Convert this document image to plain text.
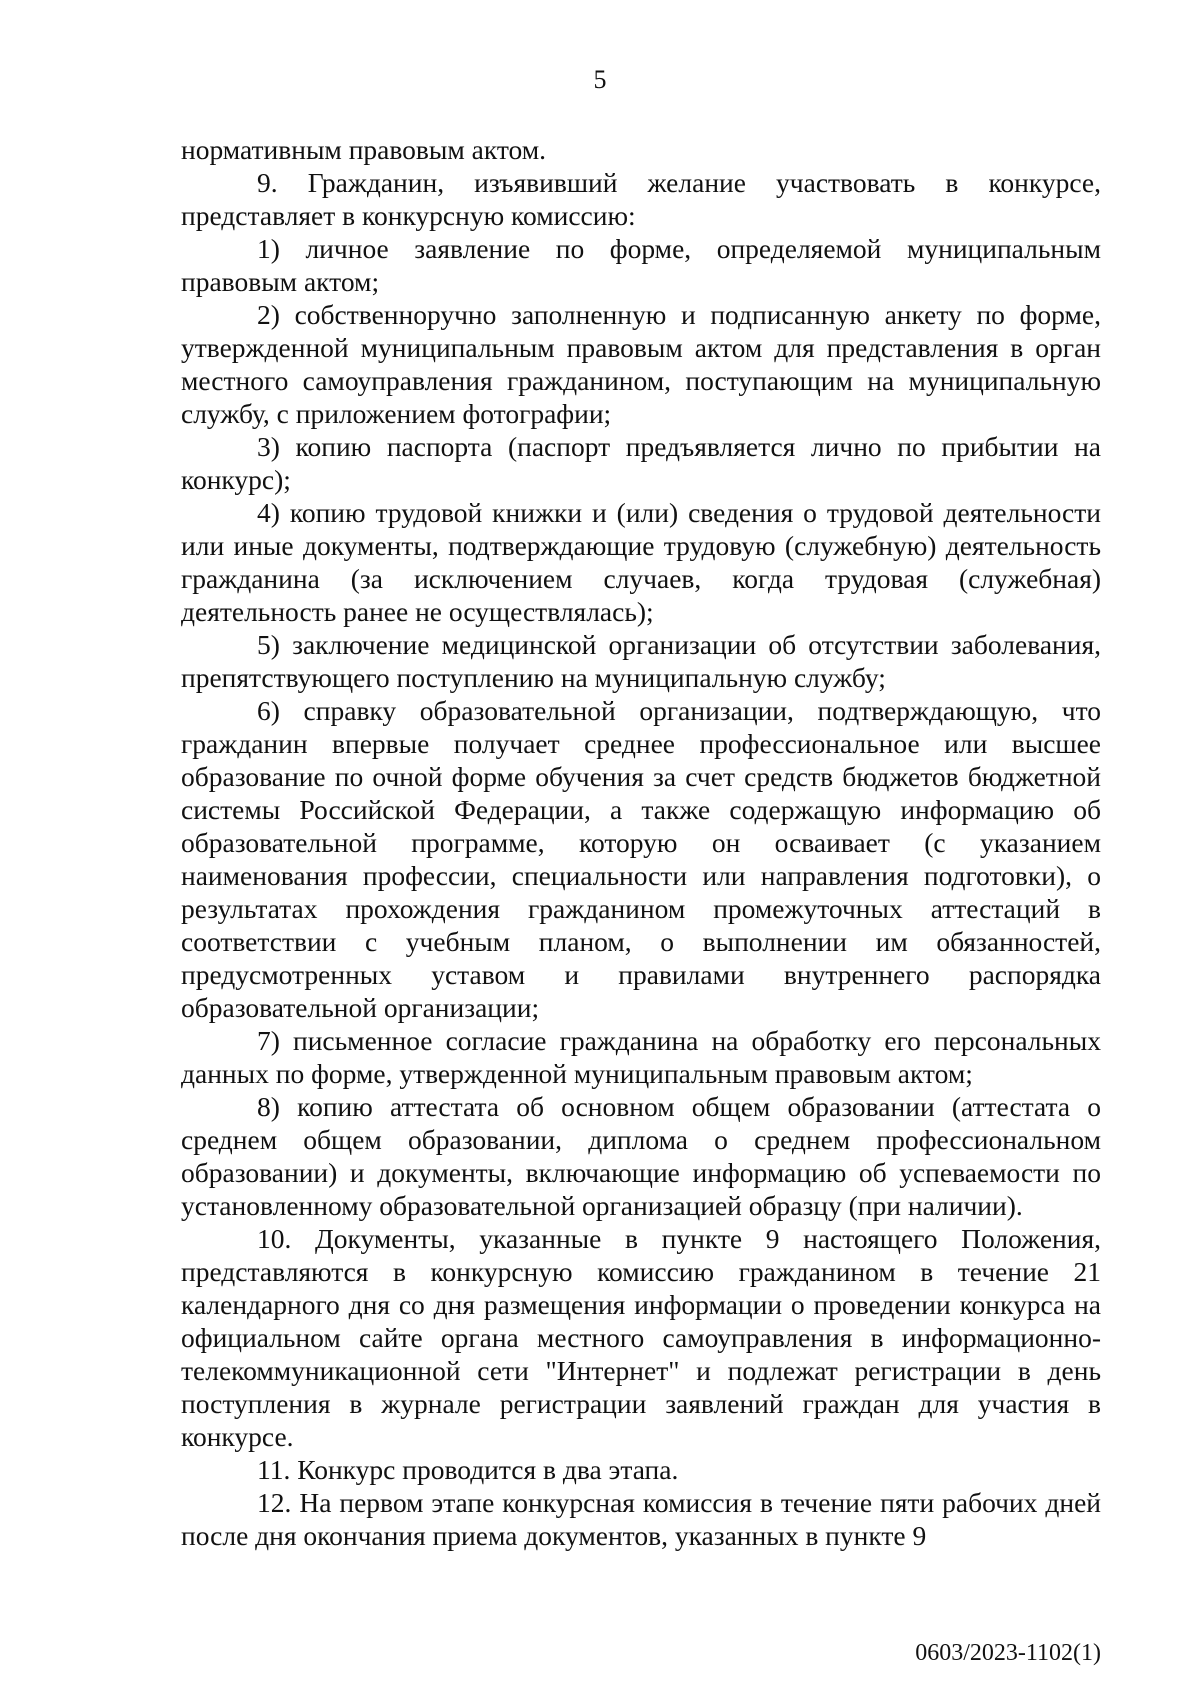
5

нормативным правовым актом.

9. Гражданин, изъявивший желание участвовать в конкурсе, представляет в конкурсную комиссию:

1) личное заявление по форме, определяемой муниципальным правовым актом;

2) собственноручно заполненную и подписанную анкету по форме, утвержденной муниципальным правовым актом для представления в орган местного самоуправления гражданином, поступающим на муниципальную службу, с приложением фотографии;

3) копию паспорта (паспорт предъявляется лично по прибытии на конкурс);

4) копию трудовой книжки и (или) сведения о трудовой деятельности или иные документы, подтверждающие трудовую (служебную) деятельность гражданина (за исключением случаев, когда трудовая (служебная) деятельность ранее не осуществлялась);

5) заключение медицинской организации об отсутствии заболевания, препятствующего поступлению на муниципальную службу;

6) справку образовательной организации, подтверждающую, что гражданин впервые получает среднее профессиональное или высшее образование по очной форме обучения за счет средств бюджетов бюджетной системы Российской Федерации, а также содержащую информацию об образовательной программе, которую он осваивает (с указанием наименования профессии, специальности или направления подготовки), о результатах прохождения гражданином промежуточных аттестаций в соответствии с учебным планом, о выполнении им обязанностей, предусмотренных уставом и правилами внутреннего распорядка образовательной организации;

7) письменное согласие гражданина на обработку его персональных данных по форме, утвержденной муниципальным правовым актом;

8) копию аттестата об основном общем образовании (аттестата о среднем общем образовании, диплома о среднем профессиональном образовании) и документы, включающие информацию об успеваемости по установленному образовательной организацией образцу (при наличии).

10. Документы, указанные в пункте 9 настоящего Положения, представляются в конкурсную комиссию гражданином в течение 21 календарного дня со дня размещения информации о проведении конкурса на официальном сайте органа местного самоуправления в информационно-телекоммуникационной сети "Интернет" и подлежат регистрации в день поступления в журнале регистрации заявлений граждан для участия в конкурсе.

11. Конкурс проводится в два этапа.

12. На первом этапе конкурсная комиссия в течение пяти рабочих дней после дня окончания приема документов, указанных в пункте 9

0603/2023-1102(1)
